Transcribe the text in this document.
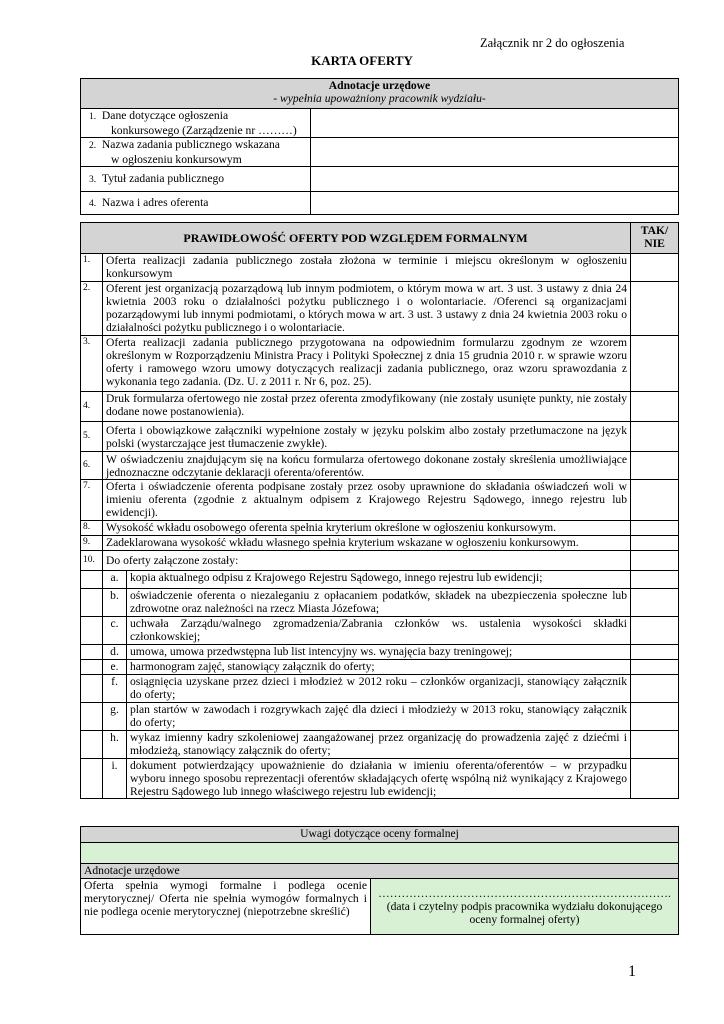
Załącznik nr 2 do ogłoszenia
KARTA OFERTY
Adnotacje urzędowe
- wypełnia upoważniony pracownik wydziału-	
1. Dane dotyczące ogłoszenia
konkursowego (Zarządzenie nr ………)	
2. Nazwa zadania publicznego wskazana
w ogłoszeniu konkursowym	
3. Tytuł zadania publicznego	
4. Nazwa i adres oferenta	
PRAWIDŁOWOŚĆ OFERTY POD WZGLĘDEM FORMALNYM			TAK/
NIE
1.	Oferta realizacji zadania publicznego została złożona w terminie i miejscu określonym w ogłoszeniu konkursowym		
2.	Oferent jest organizacją pozarządową lub innym podmiotem, o którym mowa w art. 3 ust. 3 ustawy z dnia 24 kwietnia 2003 roku o działalności pożytku publicznego i o wolontariacie. /Oferenci są organizacjami pozarządowymi lub innymi podmiotami, o których mowa w art. 3 ust. 3 ustawy z dnia 24 kwietnia 2003 roku o działalności pożytku publicznego i o wolontariacie.		
3.	Oferta realizacji zadania publicznego przygotowana na odpowiednim formularzu zgodnym ze wzorem określonym w Rozporządzeniu Ministra Pracy i Polityki Społecznej z dnia 15 grudnia 2010 r. w sprawie wzoru oferty i ramowego wzoru umowy dotyczących realizacji zadania publicznego, oraz wzoru sprawozdania z wykonania tego zadania. (Dz. U. z 2011 r. Nr 6, poz. 25).		
4.	Druk formularza ofertowego nie został przez oferenta zmodyfikowany (nie zostały usunięte punkty, nie zostały dodane nowe postanowienia).		
5.	Oferta i obowiązkowe załączniki wypełnione zostały w języku polskim albo zostały przetłumaczone na język polski (wystarczające jest tłumaczenie zwykłe).		
6.	W oświadczeniu znajdującym się na końcu formularza ofertowego dokonane zostały skreślenia umożliwiające jednoznaczne odczytanie deklaracji oferenta/oferentów.		
7.	Oferta i oświadczenie oferenta podpisane zostały przez osoby uprawnione do składania oświadczeń woli w imieniu oferenta (zgodnie z aktualnym odpisem z Krajowego Rejestru Sądowego, innego rejestru lub ewidencji).		
8.	Wysokość wkładu osobowego oferenta spełnia kryterium określone w ogłoszeniu konkursowym.		
9.	Zadeklarowana wysokość wkładu własnego spełnia kryterium wskazane w ogłoszeniu konkursowym.		
10.	Do oferty załączone zostały:		
	a.	kopia aktualnego odpisu z Krajowego Rejestru Sądowego, innego rejestru lub ewidencji;	
	b.	oświadczenie oferenta o niezaleganiu z opłacaniem podatków, składek na ubezpieczenia społeczne lub zdrowotne oraz należności na rzecz Miasta Józefowa;	
	c.	uchwała Zarządu/walnego zgromadzenia/Zabrania członków ws. ustalenia wysokości składki członkowskiej;	
	d.	umowa, umowa przedwstępna lub list intencyjny ws. wynajęcia bazy treningowej;	
	e.	harmonogram zajęć, stanowiący załącznik do oferty;	
	f.	osiągnięcia uzyskane przez dzieci i młodzież w 2012 roku – członków organizacji, stanowiący załącznik do oferty;	
	g.	plan startów w zawodach i rozgrywkach zajęć dla dzieci i młodzieży w 2013 roku, stanowiący załącznik do oferty;	
	h.	wykaz imienny kadry szkoleniowej zaangażowanej przez organizację do prowadzenia zajęć z dziećmi i młodzieżą, stanowiący załącznik do oferty;	
	i.	dokument potwierdzający upoważnienie do działania w imieniu oferenta/oferentów – w przypadku wyboru innego sposobu reprezentacji oferentów składających ofertę wspólną niż wynikający z Krajowego Rejestru Sądowego lub innego właściwego rejestru lub ewidencji;	
Uwagi dotyczące oceny formalnej

Adnotacje urzędowe
Oferta spełnia wymogi formalne i podlega ocenie merytorycznej/ Oferta nie spełnia wymogów formalnych i nie podlega ocenie merytorycznej (niepotrzebne skreślić)	………………………………………………………………….
(data i czytelny podpis pracownika wydziału dokonującego oceny formalnej oferty)
1
